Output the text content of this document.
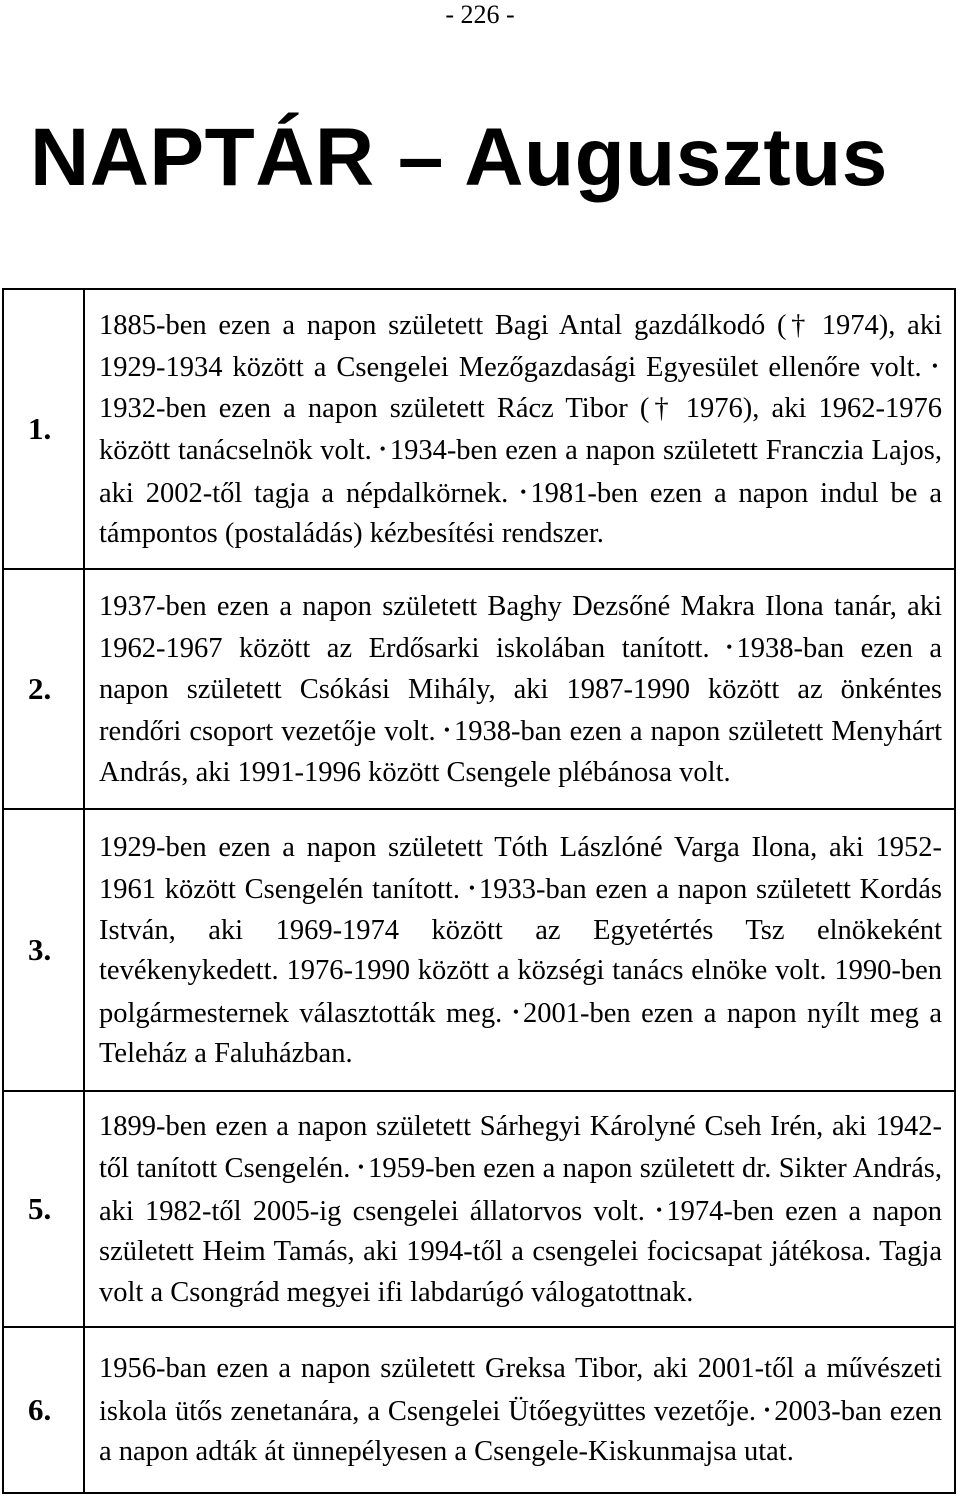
- 226 -
NAPTÁR – Augusztus
1.	1885-ben ezen a napon született Bagi Antal gazdálkodó († 1974), aki 1929-1934 között a Csengelei Mezőgazdasági Egyesület ellenőre volt. •1932-ben ezen a napon született Rácz Tibor († 1976), aki 1962-1976 között tanácselnök volt. • 1934-ben ezen a napon született Franczia Lajos, aki 2002-től tagja a népdalkörnek. • 1981-ben ezen a napon indul be a támpontos (postaládás) kézbesítési rendszer.
2.	1937-ben ezen a napon született Baghy Dezsőné Makra Ilona tanár, aki 1962-1967 között az Erdősarki iskolában tanított. • 1938-ban ezen a napon született Csókási Mihály, aki 1987-1990 között az önkéntes rendőri csoport vezetője volt. • 1938-ban ezen a napon született Menyhárt András, aki 1991-1996 között Csengele plébánosa volt.
3.	1929-ben ezen a napon született Tóth Lászlóné Varga Ilona, aki 1952-1961 között Csengelén tanított. • 1933-ban ezen a napon született Kordás István, aki 1969-1974 között az Egyetértés Tsz elnökeként tevékenykedett. 1976-1990 között a községi tanács elnöke volt. 1990-ben polgármesternek választották meg. • 2001-ben ezen a napon nyílt meg a Teleház a Faluházban.
5.	1899-ben ezen a napon született Sárhegyi Károlyné Cseh Irén, aki 1942-től tanított Csengelén. • 1959-ben ezen a napon született dr. Sikter András, aki 1982-től 2005-ig csengelei állatorvos volt. • 1974-ben ezen a napon született Heim Tamás, aki 1994-től a csengelei focicsapat játékosa. Tagja volt a Csongrád megyei ifi labdarúgó válogatottnak.
6.	1956-ban ezen a napon született Greksa Tibor, aki 2001-től a művészeti iskola ütős zenetanára, a Csengelei Ütőegyüttes vezetője. • 2003-ban ezen a napon adták át ünnepélyesen a Csengele-Kiskunmajsa utat.
